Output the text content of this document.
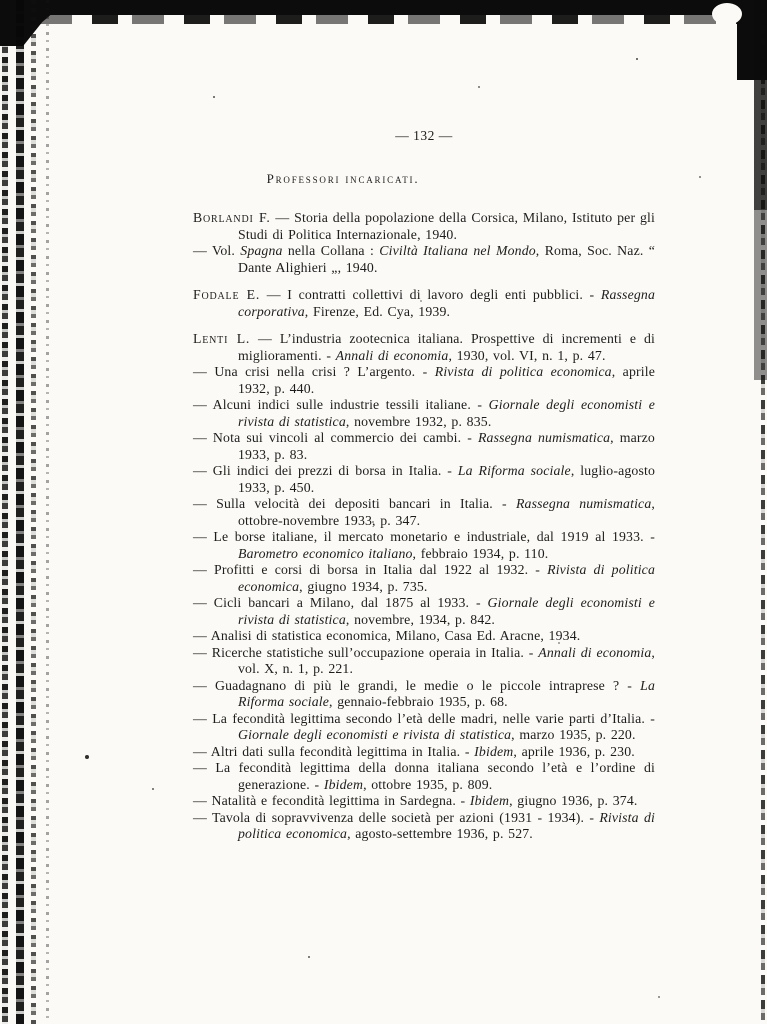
— 132 —
Professori incaricati.

Borlandi F. — Storia della popolazione della Corsica, Milano, Istituto per gli Studi di Politica Internazionale, 1940.

— Vol. Spagna nella Collana : Civiltà Italiana nel Mondo, Roma, Soc. Naz. “ Dante Alighieri „, 1940.

Fodale E. — I contratti collettivi di lavoro degli enti pubblici. - Rassegna corporativa, Firenze, Ed. Cya, 1939.

Lenti L. — L’industria zootecnica italiana. Prospettive di incrementi e di miglioramenti. - Annali di economia, 1930, vol. VI, n. 1, p. 47.

— Una crisi nella crisi ? L’argento. - Rivista di politica economica, aprile 1932, p. 440.

— Alcuni indici sulle industrie tessili italiane. - Giornale degli economisti e rivista di statistica, novembre 1932, p. 835.

— Nota sui vincoli al commercio dei cambi. - Rassegna numismatica, marzo 1933, p. 83.

— Gli indici dei prezzi di borsa in Italia. - La Riforma sociale, luglio-agosto 1933, p. 450.

— Sulla velocità dei depositi bancari in Italia. - Rassegna numismatica, ottobre-novembre 1933, p. 347.

— Le borse italiane, il mercato monetario e industriale, dal 1919 al 1933. - Barometro economico italiano, febbraio 1934, p. 110.

— Profitti e corsi di borsa in Italia dal 1922 al 1932. - Rivista di politica economica, giugno 1934, p. 735.

— Cicli bancari a Milano, dal 1875 al 1933. - Giornale degli economisti e rivista di statistica, novembre, 1934, p. 842.

— Analisi di statistica economica, Milano, Casa Ed. Aracne, 1934.

— Ricerche statistiche sull’occupazione operaia in Italia. - Annali di economia, vol. X, n. 1, p. 221.

— Guadagnano di più le grandi, le medie o le piccole intraprese ? - La Riforma sociale, gennaio-febbraio 1935, p. 68.

— La fecondità legittima secondo l’età delle madri, nelle varie parti d’Italia. - Giornale degli economisti e rivista di statistica, marzo 1935, p. 220.

— Altri dati sulla fecondità legittima in Italia. - Ibidem, aprile 1936, p. 230.

— La fecondità legittima della donna italiana secondo l’età e l’ordine di generazione. - Ibidem, ottobre 1935, p. 809.

— Natalità e fecondità legittima in Sardegna. - Ibidem, giugno 1936, p. 374.

— Tavola di sopravvivenza delle società per azioni (1931 - 1934). - Rivista di politica economica, agosto-settembre 1936, p. 527.
